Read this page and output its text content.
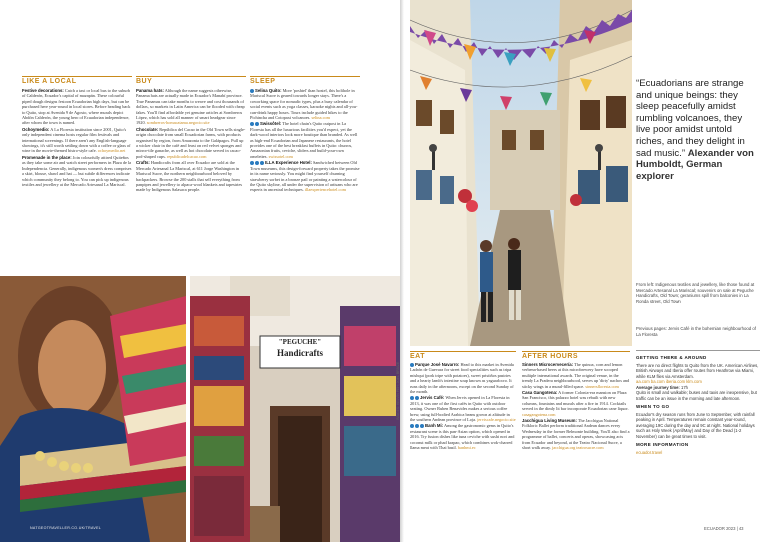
LIKE A LOCAL

Festive decorations: Catch a taxi or local bus to the suburb of Calderón, Ecuador's capital of mazapán. These colourful piped dough designs festoon Ecuadorian high days, but can be purchased here year-round in local stores. Before heading back to Quito, stop at Avenida 9 de Agosto, where murals depict Abdón Calderón, the young hero of Ecuadorian independence, after whom the town is named.

Ochoymedio: A La Floresta institution since 2001, Quito's only independent cinema hosts regular film festivals and international screenings. If there aren't any English-language showings, it's still worth settling down with a coffee or glass of wine in the movie-themed bistro-style cafe. ochoymedio.net

Promenade in the place: Join colourfully attired Quiteños as they take some air and watch street performers in Plaza de la Independencia. Generally, indigenous women's dress comprises a skirt, blouse, shawl and hat — but subtle differences indicate which community they belong to. You can pick up indigenous textiles and jewellery at the Mercado Artesanal La Mariscal.

BUY

Panama hats: Although the name suggests otherwise, Panama hats are actually made in Ecuador's Manabí province. True Panamas can take months to weave and cost thousands of dollars, so markets in Latin America can be flooded with cheap fakes. You'll find affordable yet genuine articles at Sombreros López, which has sold all manner of smart headgear since 1920. sombreros-homacatama.negocio.site

Chocolate: República del Cacao in the Old Town sells single-origin chocolate from small Ecuadorian farms, with products organised by region, from Amazonia to the Galápagos. Pull up a wicker chair in the café and feast on red velvet sponges and mirror-tile ganache, as well as hot chocolate served in cacao-pod-shaped cups. republicadelcacao.com

Crafts: Handicrafts from all over Ecuador are sold at the Mercado Artesanal La Mariscal, at 611 Jorge Washington in Mariscal Sucre, the northern neighbourhood beloved by backpackers. Browse the 200 stalls that sell everything from panpipes and jewellery to alpaca-wool blankets and tapestries made by Indigenous Salasaca people.

SLEEP

Selina Quito: More 'poshtel' than hostel, this bolthole in Mariscal Sucre is geared towards longer stays. There's a coworking space for nomadic types, plus a busy calendar of social events such as yoga classes, karaoke nights and all-you-can-drink happy hours. Tours include guided hikes to the Pichincha and Cotopaxi volcanoes. selina.com

Swissôtel: The hotel chain's Quito outpost in La Floresta has all the luxurious facilities you'd expect, yet the dark-wood interiors look more boutique than branded. As well as high-end Ecuadorian and Japanese restaurants, the hotel provides one of the best breakfast buffets in Quito: churros, Amazonian fruits, ceviche, sliders and build-your-own omelettes. swissotel.com

ILLA Experience Hotel: Sandwiched between Old Town museums, this design-forward property takes the promise in its name seriously. You might find yourself churning strawberry sorbet in a bronze pail or painting a watercolour of the Quito skyline, all under the supervision of artisans who are experts in ancestral techniques. illaexperiencehotel.com

"PEGUCHE"
Handicrafts
NATGEOTRAVELLER.CO.UK/TRAVEL
QUITO
“Ecuadorians are strange and unique beings: they sleep peacefully amidst rumbling volcanoes, they live poor amidst untold riches, and they delight in sad music.” Alexander von Humboldt, German explorer
From left: Indigenous textiles and jewellery, like those found at Mercado Artesanal La Mariscal; souvenirs on sale at Peguche Handicrafts, Old Town; geraniums spill from balconies in La Ronda street, Old Town
Previous pages: Jervis Café in the bohemian neighbourhood of La Floresta
EAT

Parque José Navarro: Head to this market in Avenida Ladrón de Guevara for street food specialities such as tripa mishqui (pork tripe with potatoes), sweet pristiños pastries and a hearty lamb's intestine soup known as yaguarlocro. It runs daily in the afternoons, except on the second Sunday of the month.

Jervis Café: When Jervis opened in La Floresta in 2013, it was one of the first cafés in Quito with outdoor seating. Owner Ruben Benavides makes a serious coffee brew, using full-bodied Arabica beans grown at altitude in the southern Andean province of Loja. jerviscafe.negocio.site

Banh Mi: Among the gastronomic gems in Quito's restaurant scene is this pan-Asian option, which opened in 2016. Try fusion dishes like tuna ceviche with sushi nori and coconut milk or phad krapao, which combines wok-charred llama meat with Thai basil. banhmi.ec

AFTER HOURS

Sinners Microcervecería: The quinoa, corn and lemon verbena-based beers at this microbrewery have scooped multiple international awards. The original venue, in the trendy La Pradera neighbourhood, serves up 'dirty' nachos and sticky wings in a mural-filled space. sinnersfloresta.com

Casa Gangotena: A former Colonia-era mansion on Plaza San Francisco, this palazzo hotel was rebuilt with new columns, fountains and murals after a fire in 1914. Cocktails served in the dimly lit bar incorporate Ecuadorian cane liquor. casagangotena.com

Jacchigua Living Museum: The Jacchigua National Folkloric Ballet perform traditional Andean dances every Wednesday in the former Belmonte building. You'll also find a programme of ballet, concerts and operas, showcasing acts from Ecuador and beyond, at the Teatro Nacional Sucre, a short walk away. jacchigua.org teatrosucre.com

GETTING THERE & AROUND
There are no direct flights to Quito from the UK. American Airlines, British Airways and Iberia offer routes from Heathrow via Miami, while KLM flies via Amsterdam.
aa.com ba.com iberia.com klm.com
Average journey time: 17h
Quito is small and walkable; buses and taxis are inexpensive, but traffic can be an issue in the morning and late afternoon.
WHEN TO GO
Ecuador's dry season runs from June to September, with rainfall peaking in April. Temperatures remain constant year-round, averaging 19C during the day and 9C at night. National holidays such as Holy Week (April/May) and Day of the Dead (1-2 November) can be great times to visit.
MORE INFORMATION
ecuador.travel
IMAGES: KELVIN PEH; JOEL BRAIZE
ECUADOR 2023 | 43
